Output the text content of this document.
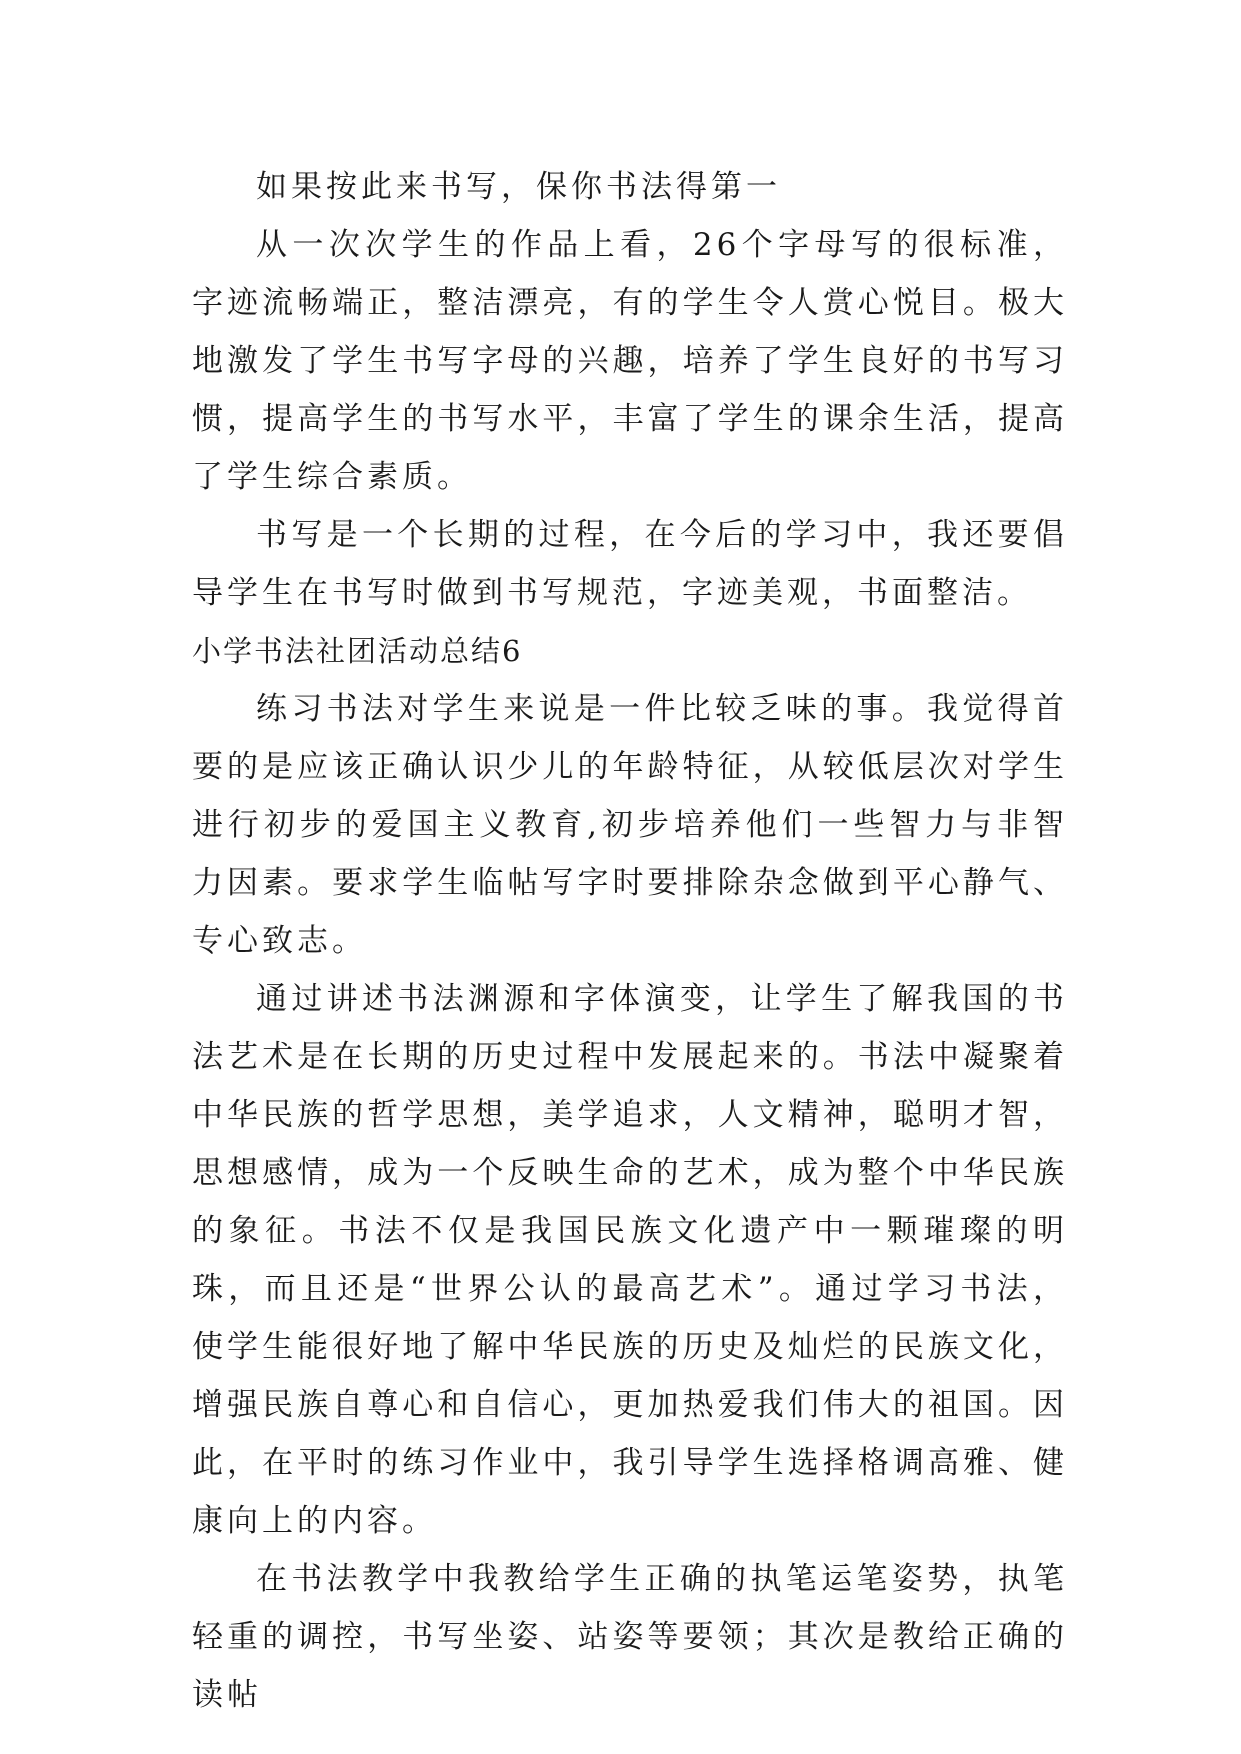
如果按此来书写，保你书法得第一

从一次次学生的作品上看，26个字母写的很标准，字迹流畅端正，整洁漂亮，有的学生令人赏心悦目。极大地激发了学生书写字母的兴趣，培养了学生良好的书写习惯，提高学生的书写水平，丰富了学生的课余生活，提高了学生综合素质。

书写是一个长期的过程，在今后的学习中，我还要倡导学生在书写时做到书写规范，字迹美观，书面整洁。

小学书法社团活动总结6

练习书法对学生来说是一件比较乏味的事。我觉得首要的是应该正确认识少儿的年龄特征，从较低层次对学生进行初步的爱国主义教育,初步培养他们一些智力与非智力因素。要求学生临帖写字时要排除杂念做到平心静气、专心致志。

通过讲述书法渊源和字体演变，让学生了解我国的书法艺术是在长期的历史过程中发展起来的。书法中凝聚着中华民族的哲学思想，美学追求，人文精神，聪明才智，思想感情，成为一个反映生命的艺术，成为整个中华民族的象征。书法不仅是我国民族文化遗产中一颗璀璨的明珠，而且还是“世界公认的最高艺术”。通过学习书法，使学生能很好地了解中华民族的历史及灿烂的民族文化，增强民族自尊心和自信心，更加热爱我们伟大的祖国。因此，在平时的练习作业中，我引导学生选择格调高雅、健康向上的内容。

在书法教学中我教给学生正确的执笔运笔姿势，执笔轻重的调控，书写坐姿、站姿等要领；其次是教给正确的读帖
